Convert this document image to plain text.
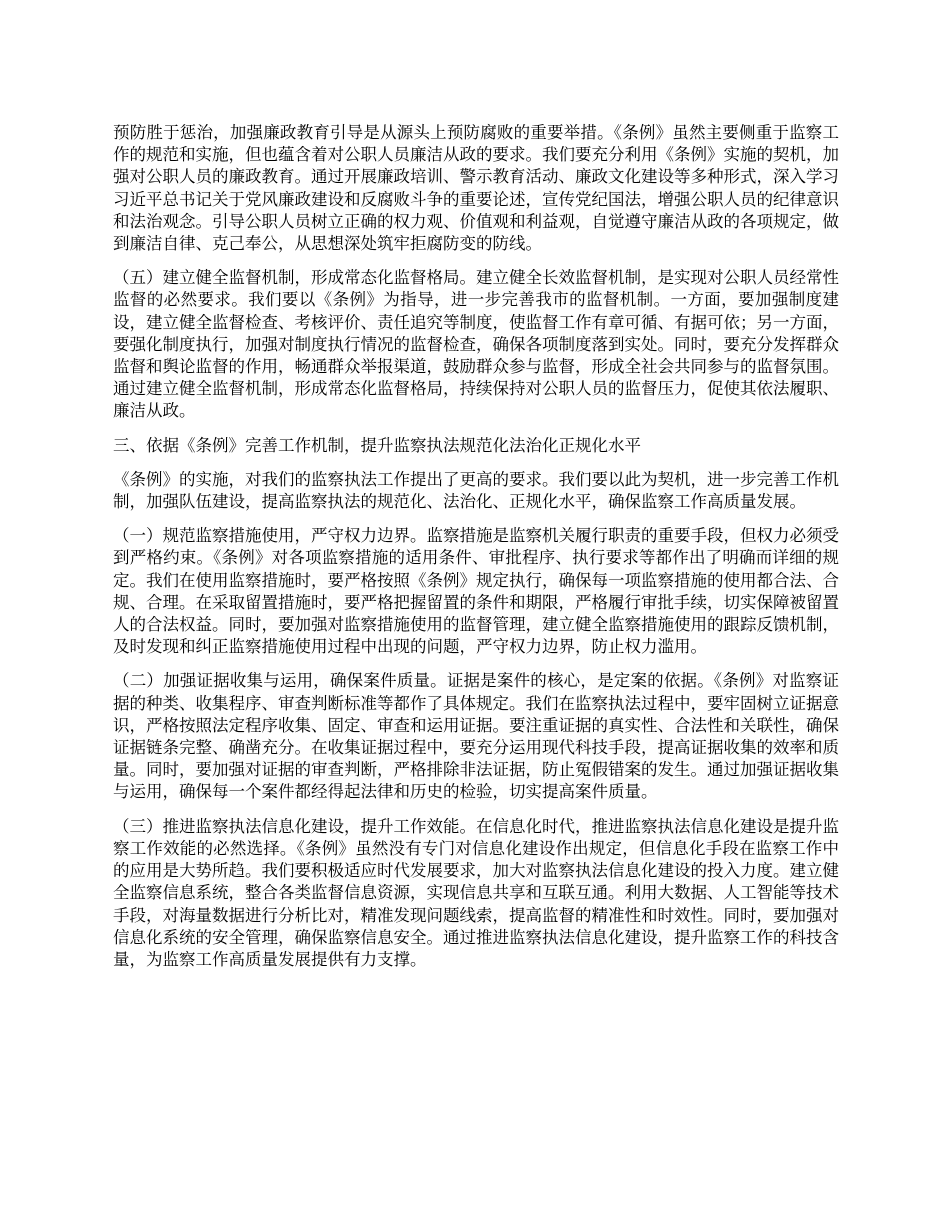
预防胜于惩治，加强廉政教育引导是从源头上预防腐败的重要举措。《条例》虽然主要侧重于监察工作的规范和实施，但也蕴含着对公职人员廉洁从政的要求。我们要充分利用《条例》实施的契机，加强对公职人员的廉政教育。通过开展廉政培训、警示教育活动、廉政文化建设等多种形式，深入学习习近平总书记关于党风廉政建设和反腐败斗争的重要论述，宣传党纪国法，增强公职人员的纪律意识和法治观念。引导公职人员树立正确的权力观、价值观和利益观，自觉遵守廉洁从政的各项规定，做到廉洁自律、克己奉公，从思想深处筑牢拒腐防变的防线。

（五）建立健全监督机制，形成常态化监督格局。建立健全长效监督机制，是实现对公职人员经常性监督的必然要求。我们要以《条例》为指导，进一步完善我市的监督机制。一方面，要加强制度建设，建立健全监督检查、考核评价、责任追究等制度，使监督工作有章可循、有据可依；另一方面，要强化制度执行，加强对制度执行情况的监督检查，确保各项制度落到实处。同时，要充分发挥群众监督和舆论监督的作用，畅通群众举报渠道，鼓励群众参与监督，形成全社会共同参与的监督氛围。通过建立健全监督机制，形成常态化监督格局，持续保持对公职人员的监督压力，促使其依法履职、廉洁从政。

三、依据《条例》完善工作机制，提升监察执法规范化法治化正规化水平

《条例》的实施，对我们的监察执法工作提出了更高的要求。我们要以此为契机，进一步完善工作机制，加强队伍建设，提高监察执法的规范化、法治化、正规化水平，确保监察工作高质量发展。

（一）规范监察措施使用，严守权力边界。监察措施是监察机关履行职责的重要手段，但权力必须受到严格约束。《条例》对各项监察措施的适用条件、审批程序、执行要求等都作出了明确而详细的规定。我们在使用监察措施时，要严格按照《条例》规定执行，确保每一项监察措施的使用都合法、合规、合理。在采取留置措施时，要严格把握留置的条件和期限，严格履行审批手续，切实保障被留置人的合法权益。同时，要加强对监察措施使用的监督管理，建立健全监察措施使用的跟踪反馈机制，及时发现和纠正监察措施使用过程中出现的问题，严守权力边界，防止权力滥用。

（二）加强证据收集与运用，确保案件质量。证据是案件的核心，是定案的依据。《条例》对监察证据的种类、收集程序、审查判断标准等都作了具体规定。我们在监察执法过程中，要牢固树立证据意识，严格按照法定程序收集、固定、审查和运用证据。要注重证据的真实性、合法性和关联性，确保证据链条完整、确凿充分。在收集证据过程中，要充分运用现代科技手段，提高证据收集的效率和质量。同时，要加强对证据的审查判断，严格排除非法证据，防止冤假错案的发生。通过加强证据收集与运用，确保每一个案件都经得起法律和历史的检验，切实提高案件质量。

（三）推进监察执法信息化建设，提升工作效能。在信息化时代，推进监察执法信息化建设是提升监察工作效能的必然选择。《条例》虽然没有专门对信息化建设作出规定，但信息化手段在监察工作中的应用是大势所趋。我们要积极适应时代发展要求，加大对监察执法信息化建设的投入力度。建立健全监察信息系统，整合各类监督信息资源，实现信息共享和互联互通。利用大数据、人工智能等技术手段，对海量数据进行分析比对，精准发现问题线索，提高监督的精准性和时效性。同时，要加强对信息化系统的安全管理，确保监察信息安全。通过推进监察执法信息化建设，提升监察工作的科技含量，为监察工作高质量发展提供有力支撑。
